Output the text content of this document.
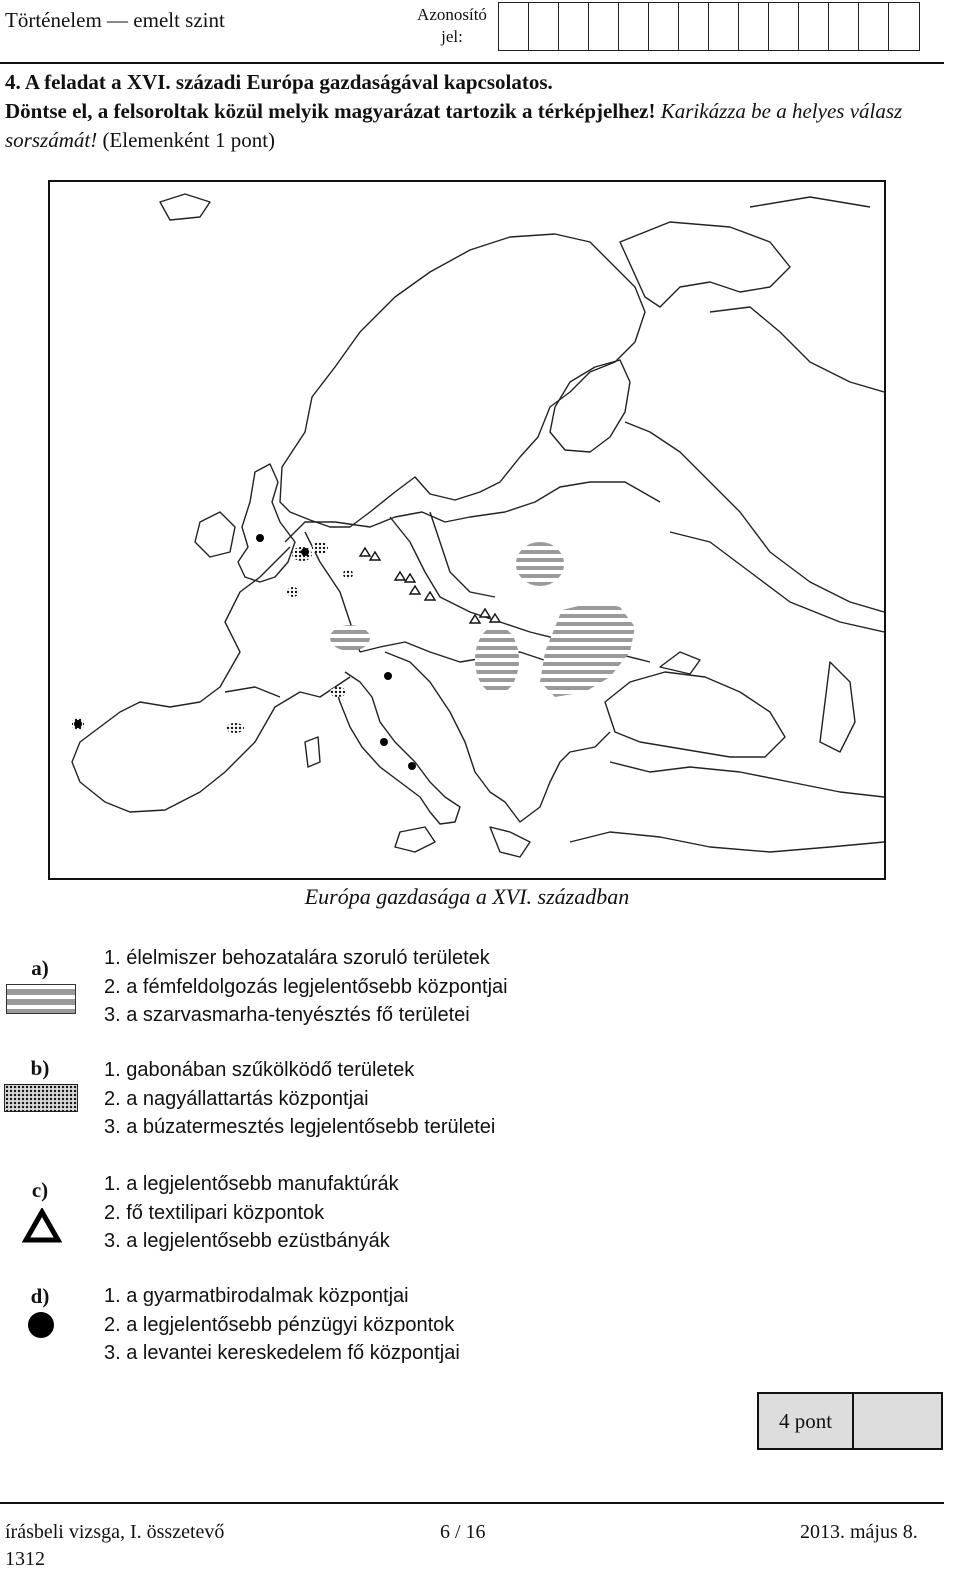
Történelem — emelt szint	Azonosító
jel:
4. A feladat a XVI. századi Európa gazdaságával kapcsolatos.
Döntse el, a felsoroltak közül melyik magyarázat tartozik a térképjelhez! Karikázza be a helyes válasz sorszámát! (Elemenként 1 pont)
Európa gazdasága a XVI. században
a)	1. élelmiszer behozatalára szoruló területek
2. a fémfeldolgozás legjelentősebb központjai
3. a szarvasmarha-tenyésztés fő területei
b)	1. gabonában szűkölködő területek
2. a nagyállattartás központjai
3. a búzatermesztés legjelentősebb területei
c)	1. a legjelentősebb manufaktúrák
2. fő textilipari központok
3. a legjelentősebb ezüstbányák
d)	1. a gyarmatbirodalmak központjai
2. a legjelentősebb pénzügyi központok
3. a levantei kereskedelem fő központjai
4 pont
írásbeli vizsga, I. összetevő	6 / 16	2013. május 8.
1312
